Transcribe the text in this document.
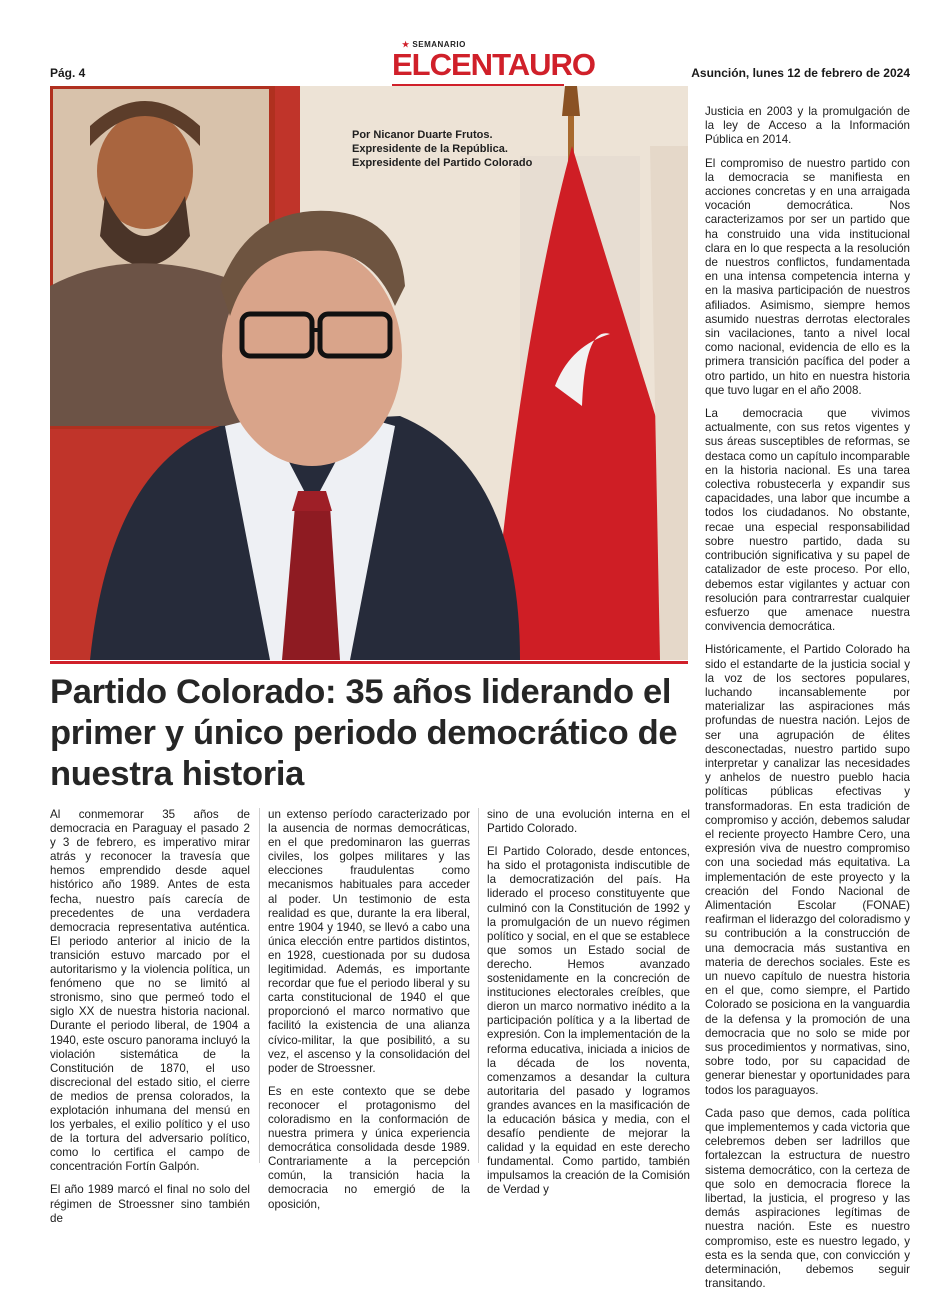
Pág. 4
★ SEMANARIO
ELCENTAURO	Asunción, lunes 12 de febrero de 2024
Por Nicanor Duarte Frutos.
Expresidente de la República.
Expresidente del Partido Colorado
Partido Colorado: 35 años liderando el primer y único periodo democrático de nuestra historia

Al conmemorar 35 años de democracia en Paraguay el pasado 2 y 3 de febrero, es imperativo mirar atrás y reconocer la travesía que hemos emprendido desde aquel histórico año 1989. Antes de esta fecha, nuestro país carecía de precedentes de una verdadera democracia representativa auténtica. El periodo anterior al inicio de la transición estuvo marcado por el autoritarismo y la violencia política, un fenómeno que no se limitó al stronismo, sino que permeó todo el siglo XX de nuestra historia nacional. Durante el periodo liberal, de 1904 a 1940, este oscuro panorama incluyó la violación sistemática de la Constitución de 1870, el uso discrecional del estado sitio, el cierre de medios de prensa colorados, la explotación inhumana del mensú en los yerbales, el exilio político y el uso de la tortura del adversario político, como lo certifica el campo de concentración Fortín Galpón.

El año 1989 marcó el final no solo del régimen de Stroessner sino también de

un extenso período caracterizado por la ausencia de normas democráticas, en el que predominaron las guerras civiles, los golpes militares y las elecciones fraudulentas como mecanismos habituales para acceder al poder. Un testimonio de esta realidad es que, durante la era liberal, entre 1904 y 1940, se llevó a cabo una única elección entre partidos distintos, en 1928, cuestionada por su dudosa legitimidad. Además, es importante recordar que fue el periodo liberal y su carta constitucional de 1940 el que proporcionó el marco normativo que facilitó la existencia de una alianza cívico-militar, la que posibilitó, a su vez, el ascenso y la consolidación del poder de Stroessner.

Es en este contexto que se debe reconocer el protagonismo del coloradismo en la conformación de nuestra primera y única experiencia democrática consolidada desde 1989. Contrariamente a la percepción común, la transición hacia la democracia no emergió de la oposición,

sino de una evolución interna en el Partido Colorado.

El Partido Colorado, desde entonces, ha sido el protagonista indiscutible de la democratización del país. Ha liderado el proceso constituyente que culminó con la Constitución de 1992 y la promulgación de un nuevo régimen político y social, en el que se establece que somos un Estado social de derecho. Hemos avanzado sostenidamente en la concreción de instituciones electorales creíbles, que dieron un marco normativo inédito a la participación política y a la libertad de expresión. Con la implementación de la reforma educativa, iniciada a inicios de la década de los noventa, comenzamos a desandar la cultura autoritaria del pasado y logramos grandes avances en la masificación de la educación básica y media, con el desafío pendiente de mejorar la calidad y la equidad en este derecho fundamental. Como partido, también impulsamos la creación de la Comisión de Verdad y

Justicia en 2003 y la promulgación de la ley de Acceso a la Información Pública en 2014.

El compromiso de nuestro partido con la democracia se manifiesta en acciones concretas y en una arraigada vocación democrática. Nos caracterizamos por ser un partido que ha construido una vida institucional clara en lo que respecta a la resolución de nuestros conflictos, fundamentada en una intensa competencia interna y en la masiva participación de nuestros afiliados. Asimismo, siempre hemos asumido nuestras derrotas electorales sin vacilaciones, tanto a nivel local como nacional, evidencia de ello es la primera transición pacífica del poder a otro partido, un hito en nuestra historia que tuvo lugar en el año 2008.

La democracia que vivimos actualmente, con sus retos vigentes y sus áreas susceptibles de reformas, se destaca como un capítulo incomparable en la historia nacional. Es una tarea colectiva robustecerla y expandir sus capacidades, una labor que incumbe a todos los ciudadanos. No obstante, recae una especial responsabilidad sobre nuestro partido, dada su contribución significativa y su papel de catalizador de este proceso. Por ello, debemos estar vigilantes y actuar con resolución para contrarrestar cualquier esfuerzo que amenace nuestra convivencia democrática.

Históricamente, el Partido Colorado ha sido el estandarte de la justicia social y la voz de los sectores populares, luchando incansablemente por materializar las aspiraciones más profundas de nuestra nación. Lejos de ser una agrupación de élites desconectadas, nuestro partido supo interpretar y canalizar las necesidades y anhelos de nuestro pueblo hacia políticas públicas efectivas y transformadoras. En esta tradición de compromiso y acción, debemos saludar el reciente proyecto Hambre Cero, una expresión viva de nuestro compromiso con una sociedad más equitativa. La implementación de este proyecto y la creación del Fondo Nacional de Alimentación Escolar (FONAE) reafirman el liderazgo del coloradismo y su contribución a la construcción de una democracia más sustantiva en materia de derechos sociales. Este es un nuevo capítulo de nuestra historia en el que, como siempre, el Partido Colorado se posiciona en la vanguardia de la defensa y la promoción de una democracia que no solo se mide por sus procedimientos y normativas, sino, sobre todo, por su capacidad de generar bienestar y oportunidades para todos los paraguayos.

Cada paso que demos, cada política que implementemos y cada victoria que celebremos deben ser ladrillos que fortalezcan la estructura de nuestro sistema democrático, con la certeza de que solo en democracia florece la libertad, la justicia, el progreso y las demás aspiraciones legítimas de nuestra nación. Este es nuestro compromiso, este es nuestro legado, y esta es la senda que, con convicción y determinación, debemos seguir transitando.
